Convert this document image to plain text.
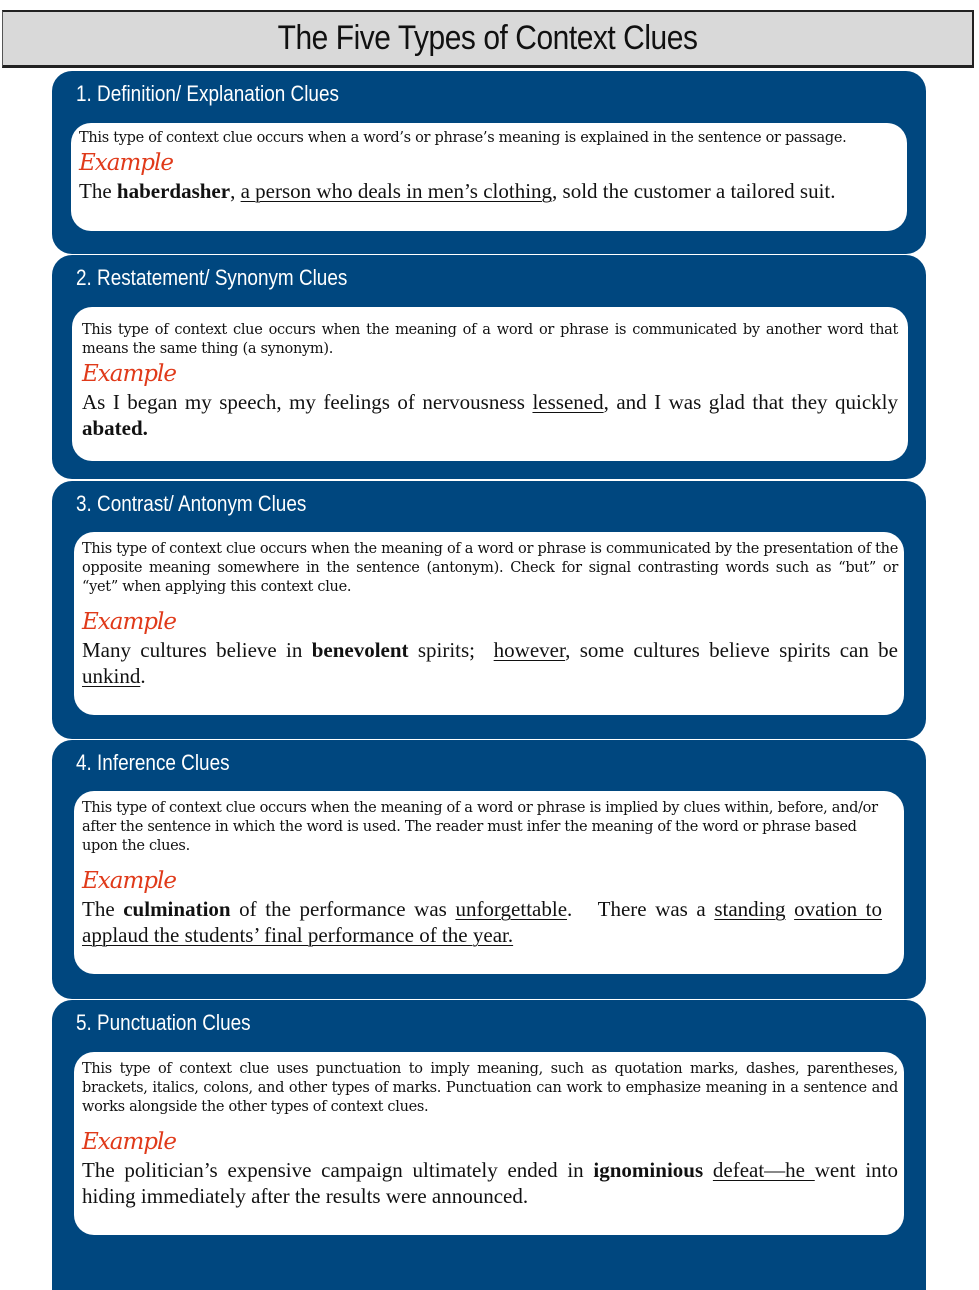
The Five Types of Context Clues
1. Definition/ Explanation Clues
This type of context clue occurs when a word’s or phrase’s meaning is explained in the sentence or passage.
Example
The haberdasher, a person who deals in men’s clothing, sold the customer a tailored suit.
2. Restatement/ Synonym Clues
This type of context clue occurs when the meaning of a word or phrase is communicated by another word that means the same thing (a synonym).
Example
As I began my speech, my feelings of nervousness lessened, and I was glad that they quickly abated.
3. Contrast/ Antonym Clues
This type of context clue occurs when the meaning of a word or phrase is communicated by the presentation of the opposite meaning somewhere in the sentence (antonym). Check for signal contrasting words such as “but” or “yet” when applying this context clue.
Example
Many cultures believe in benevolent spirits;  however, some cultures believe spirits can be unkind.
4. Inference Clues
This type of context clue occurs when the meaning of a word or phrase is implied by clues within, before, and/or after the sentence in which the word is used. The reader must infer the meaning of the word or phrase based upon the clues.
Example
The culmination of the performance was unforgettable.   There was a standing ovation to applaud the students’ final performance of the year.
5. Punctuation Clues
This type of context clue uses punctuation to imply meaning, such as quotation marks, dashes, parentheses, brackets, italics, colons, and other types of marks. Punctuation can work to emphasize meaning in a sentence and works alongside the other types of context clues.
Example
The politician’s expensive campaign ultimately ended in ignominious defeat—he went into hiding immediately after the results were announced.
